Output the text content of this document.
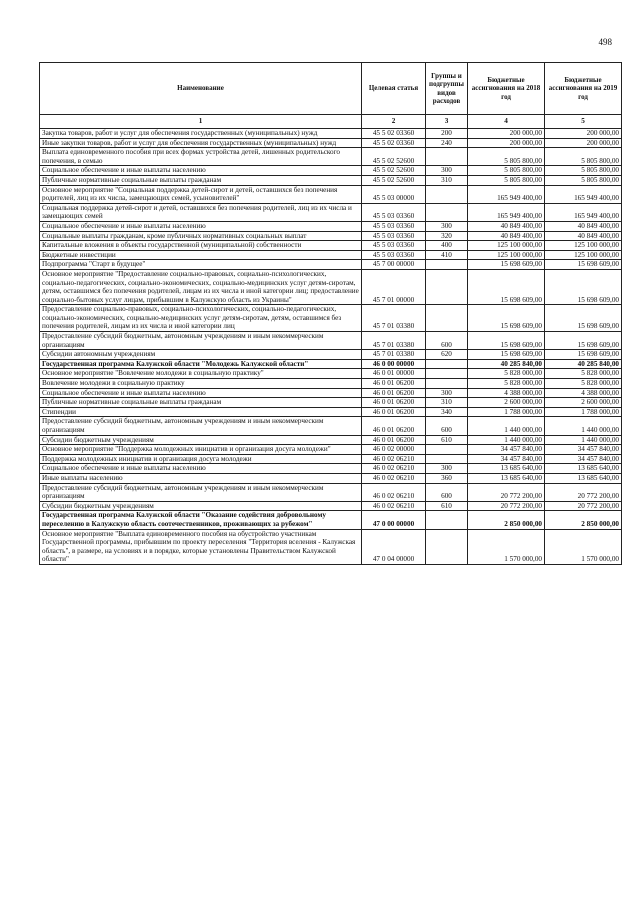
498
Наименование	Целевая статья	Группы и подгруппы видов расходов	Бюджетные ассигнования на 2018 год	Бюджетные ассигнования на 2019 год
1	2	3	4	5
Закупка товаров, работ и услуг для обеспечения государственных (муниципальных) нужд	45 5 02 03360	200	200 000,00	200 000,00
Иные закупки товаров, работ и услуг для обеспечения государственных (муниципальных) нужд	45 5 02 03360	240	200 000,00	200 000,00
Выплата единовременного пособия при всех формах устройства детей, лишенных родительского попечения, в семью	45 5 02 52600		5 805 800,00	5 805 800,00
Социальное обеспечение и иные выплаты населению	45 5 02 52600	300	5 805 800,00	5 805 800,00
Публичные нормативные социальные выплаты гражданам	45 5 02 52600	310	5 805 800,00	5 805 800,00
Основное мероприятие "Социальная поддержка детей-сирот и детей, оставшихся без попечения родителей, лиц из их числа, замещающих семей, усыновителей"	45 5 03 00000		165 949 400,00	165 949 400,00
Социальная поддержка детей-сирот и детей, оставшихся без попечения родителей, лиц из их числа и замещающих семей	45 5 03 03360		165 949 400,00	165 949 400,00
Социальное обеспечение и иные выплаты населению	45 5 03 03360	300	40 849 400,00	40 849 400,00
Социальные выплаты гражданам, кроме публичных нормативных социальных выплат	45 5 03 03360	320	40 849 400,00	40 849 400,00
Капитальные вложения в объекты государственной (муниципальной) собственности	45 5 03 03360	400	125 100 000,00	125 100 000,00
Бюджетные инвестиции	45 5 03 03360	410	125 100 000,00	125 100 000,00
Подпрограмма "Старт в будущее"	45 7 00 00000		15 698 609,00	15 698 609,00
Основное мероприятие "Предоставление социально-правовых, социально-психологических, социально-педагогических, социально-экономических, социально-медицинских услуг детям-сиротам, детям, оставшимся без попечения родителей, лицам из их числа и иной категории лиц; предоставление социально-бытовых услуг лицам, прибывшим в Калужскую область из Украины"	45 7 01 00000		15 698 609,00	15 698 609,00
Предоставление социально-правовых, социально-психологических, социально-педагогических, социально-экономических, социально-медицинских услуг детям-сиротам, детям, оставшимся без попечения родителей, лицам из их числа и иной категории лиц	45 7 01 03380		15 698 609,00	15 698 609,00
Предоставление субсидий бюджетным, автономным учреждениям и иным некоммерческим организациям	45 7 01 03380	600	15 698 609,00	15 698 609,00
Субсидии автономным учреждениям	45 7 01 03380	620	15 698 609,00	15 698 609,00
Государственная программа Калужской области "Молодежь Калужской области"	46 0 00 00000		40 285 840,00	40 285 840,00
Основное мероприятие "Вовлечение молодежи в социальную практику"	46 0 01 00000		5 828 000,00	5 828 000,00
Вовлечение молодежи в социальную практику	46 0 01 06200		5 828 000,00	5 828 000,00
Социальное обеспечение и иные выплаты населению	46 0 01 06200	300	4 388 000,00	4 388 000,00
Публичные нормативные социальные выплаты гражданам	46 0 01 06200	310	2 600 000,00	2 600 000,00
Стипендии	46 0 01 06200	340	1 788 000,00	1 788 000,00
Предоставление субсидий бюджетным, автономным учреждениям и иным некоммерческим организациям	46 0 01 06200	600	1 440 000,00	1 440 000,00
Субсидии бюджетным учреждениям	46 0 01 06200	610	1 440 000,00	1 440 000,00
Основное мероприятие "Поддержка молодежных инициатив и организация досуга молодежи"	46 0 02 00000		34 457 840,00	34 457 840,00
Поддержка молодежных инициатив и организация досуга молодежи	46 0 02 06210		34 457 840,00	34 457 840,00
Социальное обеспечение и иные выплаты населению	46 0 02 06210	300	13 685 640,00	13 685 640,00
Иные выплаты населению	46 0 02 06210	360	13 685 640,00	13 685 640,00
Предоставление субсидий бюджетным, автономным учреждениям и иным некоммерческим организациям	46 0 02 06210	600	20 772 200,00	20 772 200,00
Субсидии бюджетным учреждениям	46 0 02 06210	610	20 772 200,00	20 772 200,00
Государственная программа Калужской области "Оказание содействия добровольному переселению в Калужскую область соотечественников, проживающих за рубежом"	47 0 00 00000		2 850 000,00	2 850 000,00
Основное мероприятие "Выплата единовременного пособия на обустройство участникам Государственной программы, прибывшим по проекту переселения "Территория вселения - Калужская область", в размере, на условиях и в порядке, которые установлены Правительством Калужской области"	47 0 04 00000		1 570 000,00	1 570 000,00
